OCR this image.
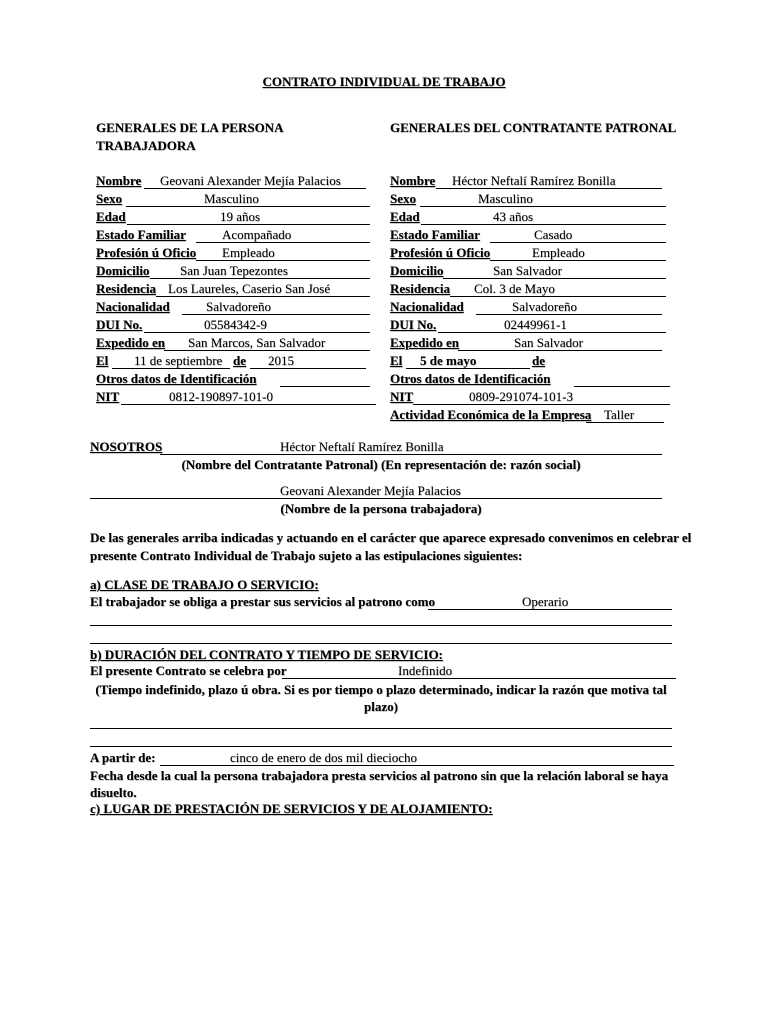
CONTRATO INDIVIDUAL DE TRABAJO
GENERALES DE LA PERSONA
TRABAJADORA
GENERALES DEL CONTRATANTE PATRONAL
Nombre Geovani Alexander Mejía Palacios
Sexo	Masculino
Edad	19 años
Estado Familiar	Acompañado
Profesión ú Oficio Empleado
Domicilio San Juan Tepezontes
Residencia Los Laureles, Caserio San José
Nacionalidad	Salvadoreño
DUI No.	05584342-9
Expedido en San Marcos, San Salvador
El 11 de septiembre de 2015
Otros datos de Identificación
NIT	0812-190897-101-0
Nombre Héctor Neftalí Ramírez Bonilla
Sexo	Masculino
Edad	43 años
Estado Familiar	Casado
Profesión ú Oficio	Empleado
Domicilio	San Salvador
Residencia Col. 3 de Mayo
Nacionalidad	Salvadoreño
DUI No.	02449961-1
Expedido en	San Salvador
El 5 de mayo	de
Otros datos de Identificación
NIT	0809-291074-101-3
Actividad Económica de la Empresa Taller
NOSOTROS	Héctor Neftalí Ramírez Bonilla
(Nombre del Contratante Patronal) (En representación de: razón social)
Geovani Alexander Mejía Palacios
(Nombre de la persona trabajadora)
De las generales arriba indicadas y actuando en el carácter que aparece expresado convenimos en celebrar el
presente Contrato Individual de Trabajo sujeto a las estipulaciones siguientes:
a) CLASE DE TRABAJO O SERVICIO:
El trabajador se obliga a prestar sus servicios al patrono como	Operario
b) DURACIÓN DEL CONTRATO Y TIEMPO DE SERVICIO:
El presente Contrato se celebra por	Indefinido
(Tiempo indefinido, plazo ú obra. Si es por tiempo o plazo determinado, indicar la razón que motiva tal
plazo)
A partir de:	cinco de enero de dos mil dieciocho
Fecha desde la cual la persona trabajadora presta servicios al patrono sin que la relación laboral se haya
disuelto.
c) LUGAR DE PRESTACIÓN DE SERVICIOS Y DE ALOJAMIENTO:
